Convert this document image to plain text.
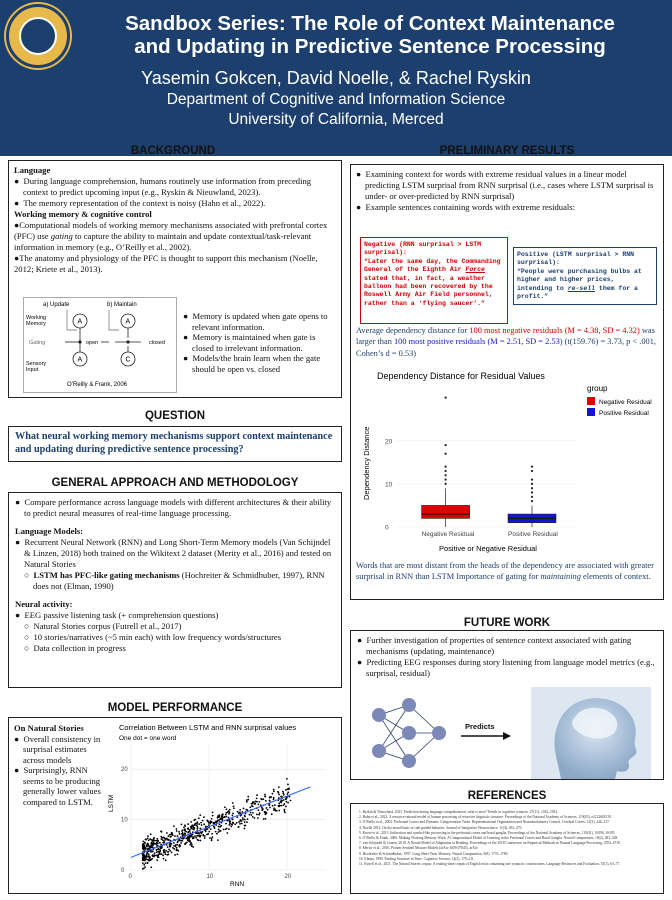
Sandbox Series: The Role of Context Maintenance
and Updating in Predictive Sentence Processing
Yasemin Gokcen, David Noelle, & Rachel Ryskin
Department of Cognitive and Information Science
University of California, Merced
BACKGROUND

Language

●  During language comprehension, humans routinely use information from preceding context to predict upcoming input (e.g., Ryskin & Nieuwland, 2023).

●  The memory representation of the context is noisy (Hahn et al., 2022).

Working memory & cognitive control

●Computational models of working memory mechanisms associated with prefrontal cortex (PFC) use gating to capture the ability to maintain and update contextual/task-relevant information in memory (e.g., O’Reilly et al., 2002).

●The anatomy and physiology of the PFC is thought to support this mechanism (Noelle, 2012; Kriete et al., 2013).

a) Update	b) Maintain
Working
Memory
Gating
Sensory
Input
A
A
open
A
C
closed
O’Reilly & Frank, 2006

●  Memory is updated when gate opens to relevant information.

●  Memory is maintained when gate is closed to irrelevant information.

●  Models/the brain learn when the gate should be open vs. closed

QUESTION
What neural working memory mechanisms support context maintenance and updating during predictive sentence processing?
GENERAL APPROACH AND METHODOLOGY

●  Compare performance across language models with different architectures & their ability to predict neural measures of real-time language processing.

Language Models:

●  Recurrent Neural Network (RNN) and Long Short-Term Memory models (Van Schijndel & Linzen, 2018) both trained on the Wikitext 2 dataset (Merity et al., 2016) and tested on Natural Stories

○  LSTM has PFC-like gating mechanisms (Hochreiter & Schmidhuber, 1997), RNN does not (Elman, 1990)

Neural activity:

●  EEG passive listening task (+ comprehension questions)

○  Natural Stories corpus (Futrell et al., 2017)

○  10 stories/narratives (~5 min each) with low frequency words/structures

○  Data collection in progress

MODEL PERFORMANCE

On Natural Stories

●  Overall consistency in surprisal estimates across models

●  Surprisingly, RNN seems to be producing generally lower values compared to LSTM.

Correlation Between LSTM and RNN surprisal values
One dot = one word
RNN
LSTM
0	10	20
0
10
20
PRELIMINARY RESULTS

●  Examining context for words with extreme residual values in a linear model predicting LSTM surprisal from RNN surprisal (i.e., cases where LSTM surprisal is under- or over-predicted by RNN surprisal)

●  Example sentences containing words with extreme residuals:

Negative (RNN surprisal > LSTM surprisal):
“Later the same day, the Commanding General of the Eighth Air Force stated that, in fact, a weather balloon had been recovered by the Roswell Army Air Field personnel, rather than a ‘flying saucer’.”
Positive (LSTM surprisal > RNN surprisal):
“People were purchasing bulbs at higher and higher prices, intending to re-sell them for a profit.”
Average dependency distance for 100 most negative residuals (M = 4.38, SD = 4.32) was larger than 100 most positive residuals (M = 2.51, SD = 2.53) (t(159.76) = 3.73, p < .001, Cohen’s d = 0.53)
Dependency Distance for Residual Values
Positive or Negative Residual
Dependency Distance
group
0
10
20
Negative Residual	Positive Residual
Negative Residual
Positive Residual
Words that are most distant from the heads of the dependency are associated with greater surprisal in RNN than LSTM Importance of gating for maintaining elements of context.
FUTURE WORK

●  Further investigation of properties of sentence context associated with gating mechanisms (updating, maintenance)

●  Predicting EEG responses during story listening from language model metrics (e.g., surprisal, residual)

Predicts
REFERENCES
1. Ryskin & Nieuwland, 2023. Prediction during language comprehension: what is next? Trends in cognitive sciences, 27(11), 1032–1052.
2. Hahn et al., 2022. A resource-rational model of human processing of recursive linguistic structure. Proceedings of the National Academy of Sciences, 119(43), e2122602119.
3. O’Reilly et al., 2002. Prefrontal Cortex and Dynamic Categorization Tasks: Representational Organization and Neuromodulatory Control. Cerebral Cortex, 12(3), 246–257.
4. Noelle 2012. On the neural basis of rule-guided behavior. Journal of Integrative Neuroscience, 11(4), 453–475.
5. Kriete et al., 2013. Indirection and symbol-like processing in the prefrontal cortex and basal ganglia. Proceedings of the National Academy of Sciences, 110(41), 16390–16395.
6. O’Reilly & Frank, 2006. Making Working Memory Work: A Computational Model of Learning in the Prefrontal Cortex and Basal Ganglia. Neural Computation, 18(2), 283–328.
7. van Schijndel & Linzen, 2018. A Neural Model of Adaptation in Reading. Proceedings of the 2018 Conference on Empirical Methods in Natural Language Processing, 4704–4710.
8. Merity et al., 2016. Pointer Sentinel Mixture Models (arXiv:1609.07843). arXiv.
9. Hochreiter & Schmidhuber, 1997. Long Short-Term Memory. Neural Computation, 9(8), 1735–1780.
10. Elman, 1990. Finding Structure in Time. Cognitive Science, 14(2), 179–211.
11. Futrell et al., 2021. The Natural Stories corpus: A reading-time corpus of English texts containing rare syntactic constructions. Language Resources and Evaluation, 55(1), 63–77.
